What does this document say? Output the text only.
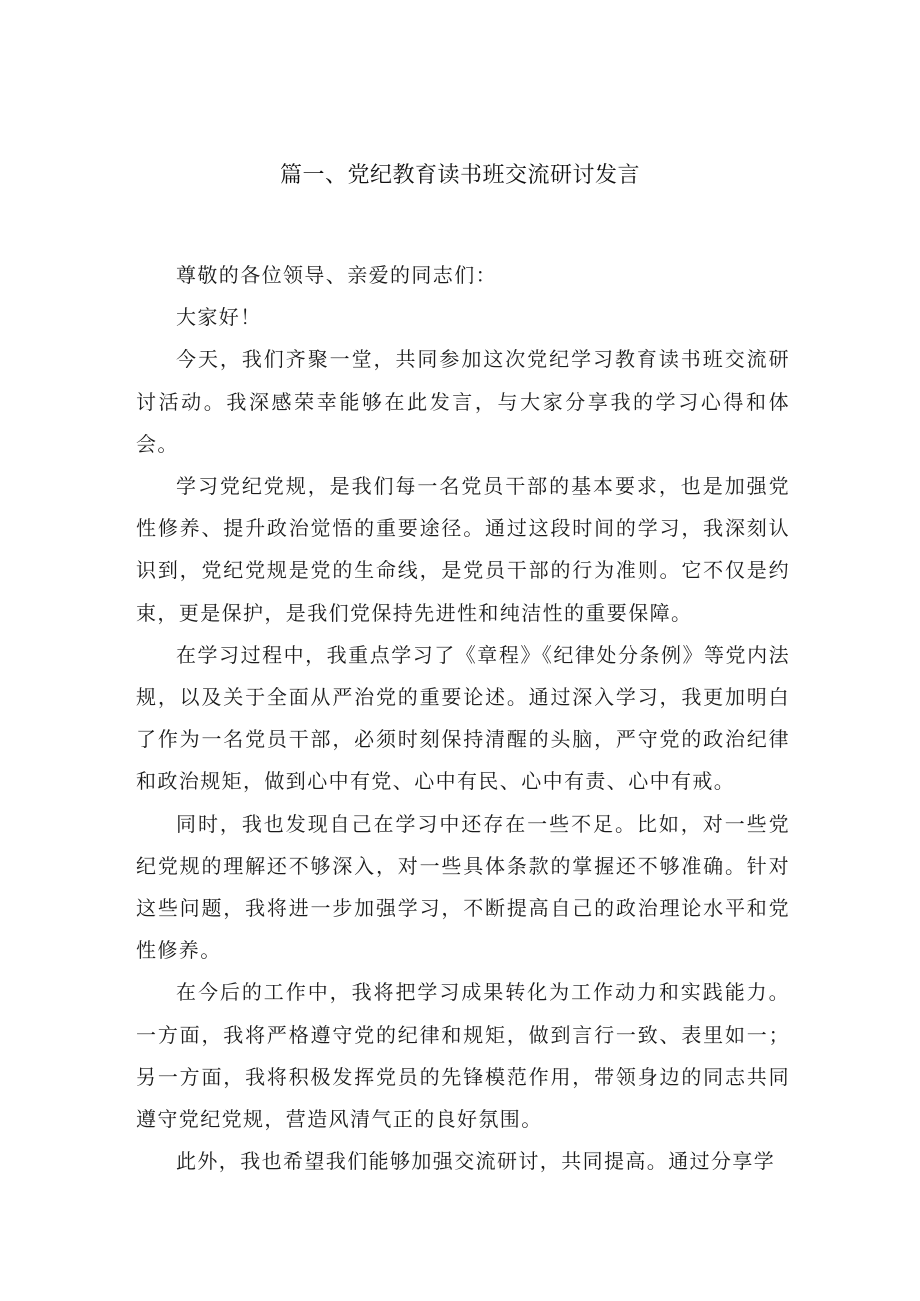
篇一、党纪教育读书班交流研讨发言

尊敬的各位领导、亲爱的同志们：

大家好！

今天，我们齐聚一堂，共同参加这次党纪学习教育读书班交流研讨活动。我深感荣幸能够在此发言，与大家分享我的学习心得和体会。

学习党纪党规，是我们每一名党员干部的基本要求，也是加强党性修养、提升政治觉悟的重要途径。通过这段时间的学习，我深刻认识到，党纪党规是党的生命线，是党员干部的行为准则。它不仅是约束，更是保护，是我们党保持先进性和纯洁性的重要保障。

在学习过程中，我重点学习了《章程》《纪律处分条例》等党内法规，以及关于全面从严治党的重要论述。通过深入学习，我更加明白了作为一名党员干部，必须时刻保持清醒的头脑，严守党的政治纪律和政治规矩，做到心中有党、心中有民、心中有责、心中有戒。

同时，我也发现自己在学习中还存在一些不足。比如，对一些党纪党规的理解还不够深入，对一些具体条款的掌握还不够准确。针对这些问题，我将进一步加强学习，不断提高自己的政治理论水平和党性修养。

在今后的工作中，我将把学习成果转化为工作动力和实践能力。一方面，我将严格遵守党的纪律和规矩，做到言行一致、表里如一；另一方面，我将积极发挥党员的先锋模范作用，带领身边的同志共同遵守党纪党规，营造风清气正的良好氛围。

此外，我也希望我们能够加强交流研讨，共同提高。通过分享学
